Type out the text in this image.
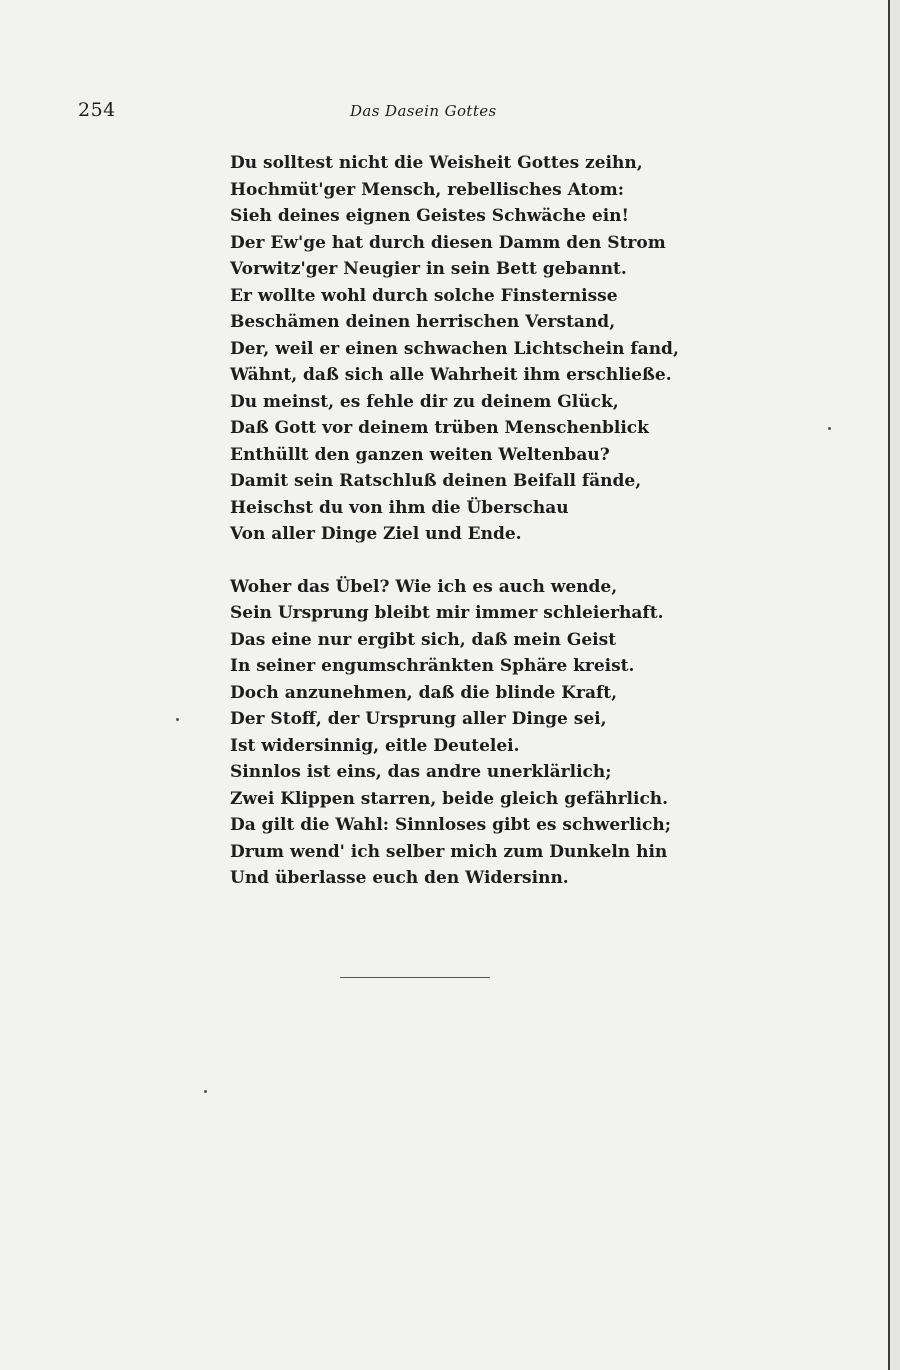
254	Das Dasein Gottes
Du solltest nicht die Weisheit Gottes zeihn,
Hochmüt'ger Mensch, rebellisches Atom:
Sieh deines eignen Geistes Schwäche ein!
Der Ew'ge hat durch diesen Damm den Strom
Vorwitz'ger Neugier in sein Bett gebannt.
Er wollte wohl durch solche Finsternisse
Beschämen deinen herrischen Verstand,
Der, weil er einen schwachen Lichtschein fand,
Wähnt, daß sich alle Wahrheit ihm erschließe.
Du meinst, es fehle dir zu deinem Glück,
Daß Gott vor deinem trüben Menschenblick
Enthüllt den ganzen weiten Weltenbau?
Damit sein Ratschluß deinen Beifall fände,
Heischst du von ihm die Überschau
Von aller Dinge Ziel und Ende.
Woher das Übel? Wie ich es auch wende,
Sein Ursprung bleibt mir immer schleierhaft.
Das eine nur ergibt sich, daß mein Geist
In seiner engumschränkten Sphäre kreist.
Doch anzunehmen, daß die blinde Kraft,
Der Stoff, der Ursprung aller Dinge sei,
Ist widersinnig, eitle Deutelei.
Sinnlos ist eins, das andre unerklärlich;
Zwei Klippen starren, beide gleich gefährlich.
Da gilt die Wahl: Sinnloses gibt es schwerlich;
Drum wend' ich selber mich zum Dunkeln hin
Und überlasse euch den Widersinn.
